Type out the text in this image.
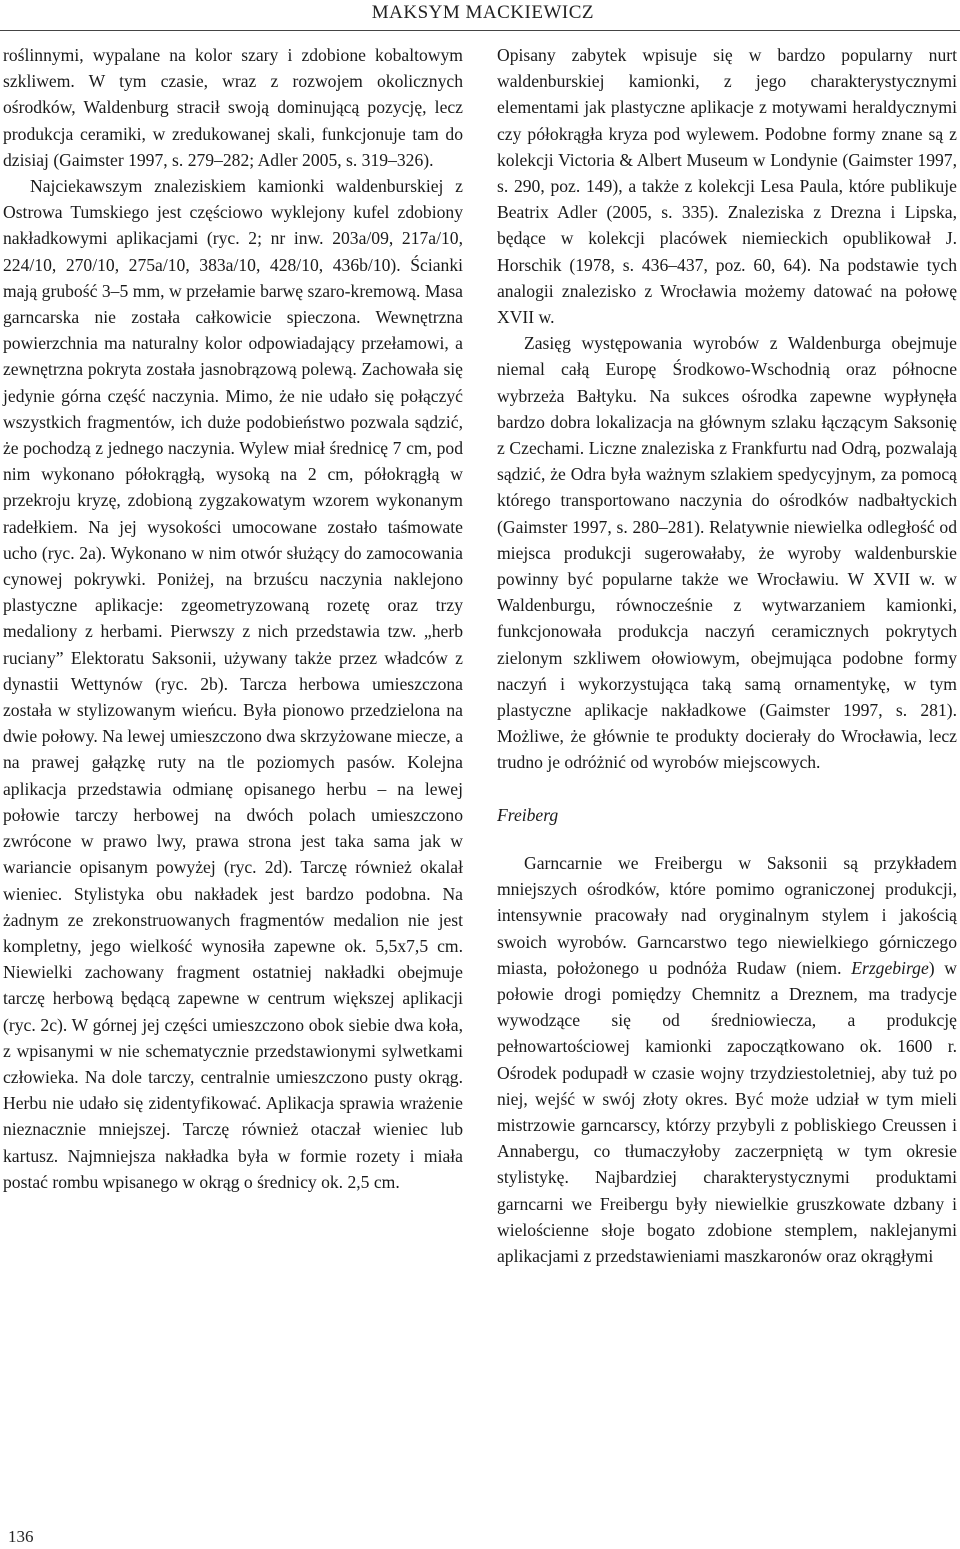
MAKSYM MACKIEWICZ

roślinnymi, wypalane na kolor szary i zdobione kobaltowym szkliwem. W tym czasie, wraz z rozwojem okolicznych ośrodków, Waldenburg stracił swoją dominującą pozycję, lecz produkcja ceramiki, w zredukowanej skali, funkcjonuje tam do dzisiaj (Gaimster 1997, s. 279–282; Adler 2005, s. 319–326).

Najciekawszym znaleziskiem kamionki waldenburskiej z Ostrowa Tumskiego jest częściowo wyklejony kufel zdobiony nakładkowymi aplikacjami (ryc. 2; nr inw. 203a/09, 217a/10, 224/10, 270/10, 275a/10, 383a/10, 428/10, 436b/10). Ścianki mają grubość 3–5 mm, w przełamie barwę szaro-kremową. Masa garncarska nie została całkowicie spieczona. Wewnętrzna powierzchnia ma naturalny kolor odpowiadający przełamowi, a zewnętrzna pokryta została jasnobrązową polewą. Zachowała się jedynie górna część naczynia. Mimo, że nie udało się połączyć wszystkich fragmentów, ich duże podobieństwo pozwala sądzić, że pochodzą z jednego naczynia. Wylew miał średnicę 7 cm, pod nim wykonano półokrągłą, wysoką na 2 cm, półokrągłą w przekroju kryzę, zdobioną zygzakowatym wzorem wykonanym radełkiem. Na jej wysokości umocowane zostało taśmowate ucho (ryc. 2a). Wykonano w nim otwór służący do zamocowania cynowej pokrywki. Poniżej, na brzuścu naczynia naklejono plastyczne aplikacje: zgeometryzowaną rozetę oraz trzy medaliony z herbami. Pierwszy z nich przedstawia tzw. „herb ruciany” Elektoratu Saksonii, używany także przez władców z dynastii Wettynów (ryc. 2b). Tarcza herbowa umieszczona została w stylizowanym wieńcu. Była pionowo przedzielona na dwie połowy. Na lewej umieszczono dwa skrzyżowane miecze, a na prawej gałązkę ruty na tle poziomych pasów. Kolejna aplikacja przedstawia odmianę opisanego herbu – na lewej połowie tarczy herbowej na dwóch polach umieszczono zwrócone w prawo lwy, prawa strona jest taka sama jak w wariancie opisanym powyżej (ryc. 2d). Tarczę również okalał wieniec. Stylistyka obu nakładek jest bardzo podobna. Na żadnym ze zrekonstruowanych fragmentów medalion nie jest kompletny, jego wielkość wynosiła zapewne ok. 5,5x7,5 cm. Niewielki zachowany fragment ostatniej nakładki obejmuje tarczę herbową będącą zapewne w centrum większej aplikacji (ryc. 2c). W górnej jej części umieszczono obok siebie dwa koła, z wpisanymi w nie schematycznie przedstawionymi sylwetkami człowieka. Na dole tarczy, centralnie umieszczono pusty okrąg. Herbu nie udało się zidentyfikować. Aplikacja sprawia wrażenie nieznacznie mniejszej. Tarczę również otaczał wieniec lub kartusz. Najmniejsza nakładka była w formie rozety i miała postać rombu wpisanego w okrąg o średnicy ok. 2,5 cm.

Opisany zabytek wpisuje się w bardzo popularny nurt waldenburskiej kamionki, z jego charakterystycznymi elementami jak plastyczne aplikacje z motywami heraldycznymi czy półokrągła kryza pod wylewem. Podobne formy znane są z kolekcji Victoria & Albert Museum w Londynie (Gaimster 1997, s. 290, poz. 149), a także z kolekcji Lesa Paula, które publikuje Beatrix Adler (2005, s. 335). Znaleziska z Drezna i Lipska, będące w kolekcji placówek niemieckich opublikował J. Horschik (1978, s. 436–437, poz. 60, 64). Na podstawie tych analogii znalezisko z Wrocławia możemy datować na połowę XVII w.

Zasięg występowania wyrobów z Waldenburga obejmuje niemal całą Europę Środkowo-Wschodnią oraz północne wybrzeża Bałtyku. Na sukces ośrodka zapewne wypłynęła bardzo dobra lokalizacja na głównym szlaku łączącym Saksonię z Czechami. Liczne znaleziska z Frankfurtu nad Odrą, pozwalają sądzić, że Odra była ważnym szlakiem spedycyjnym, za pomocą którego transportowano naczynia do ośrodków nadbałtyckich (Gaimster 1997, s. 280–281). Relatywnie niewielka odległość od miejsca produkcji sugerowałaby, że wyroby waldenburskie powinny być popularne także we Wrocławiu. W XVII w. w Waldenburgu, równocześnie z wytwarzaniem kamionki, funkcjonowała produkcja naczyń ceramicznych pokrytych zielonym szkliwem ołowiowym, obejmująca podobne formy naczyń i wykorzystująca taką samą ornamentykę, w tym plastyczne aplikacje nakładkowe (Gaimster 1997, s. 281). Możliwe, że głównie te produkty docierały do Wrocławia, lecz trudno je odróżnić od wyrobów miejscowych.

Freiberg

Garncarnie we Freibergu w Saksonii są przykładem mniejszych ośrodków, które pomimo ograniczonej produkcji, intensywnie pracowały nad oryginalnym stylem i jakością swoich wyrobów. Garncarstwo tego niewielkiego górniczego miasta, położonego u podnóża Rudaw (niem. Erzgebirge) w połowie drogi pomiędzy Chemnitz a Dreznem, ma tradycje wywodzące się od średniowiecza, a produkcję pełnowartościowej kamionki zapoczątkowano ok. 1600 r. Ośrodek podupadł w czasie wojny trzydziestoletniej, aby tuż po niej, wejść w swój złoty okres. Być może udział w tym mieli mistrzowie garncarscy, którzy przybyli z pobliskiego Creussen i Annabergu, co tłumaczyłoby zaczerpniętą w tym okresie stylistykę. Najbardziej charakterystycznymi produktami garncarni we Freibergu były niewielkie gruszkowate dzbany i wielościenne słoje bogato zdobione stemplem, naklejanymi aplikacjami z przedstawieniami maszkaronów oraz okrągłymi

136
